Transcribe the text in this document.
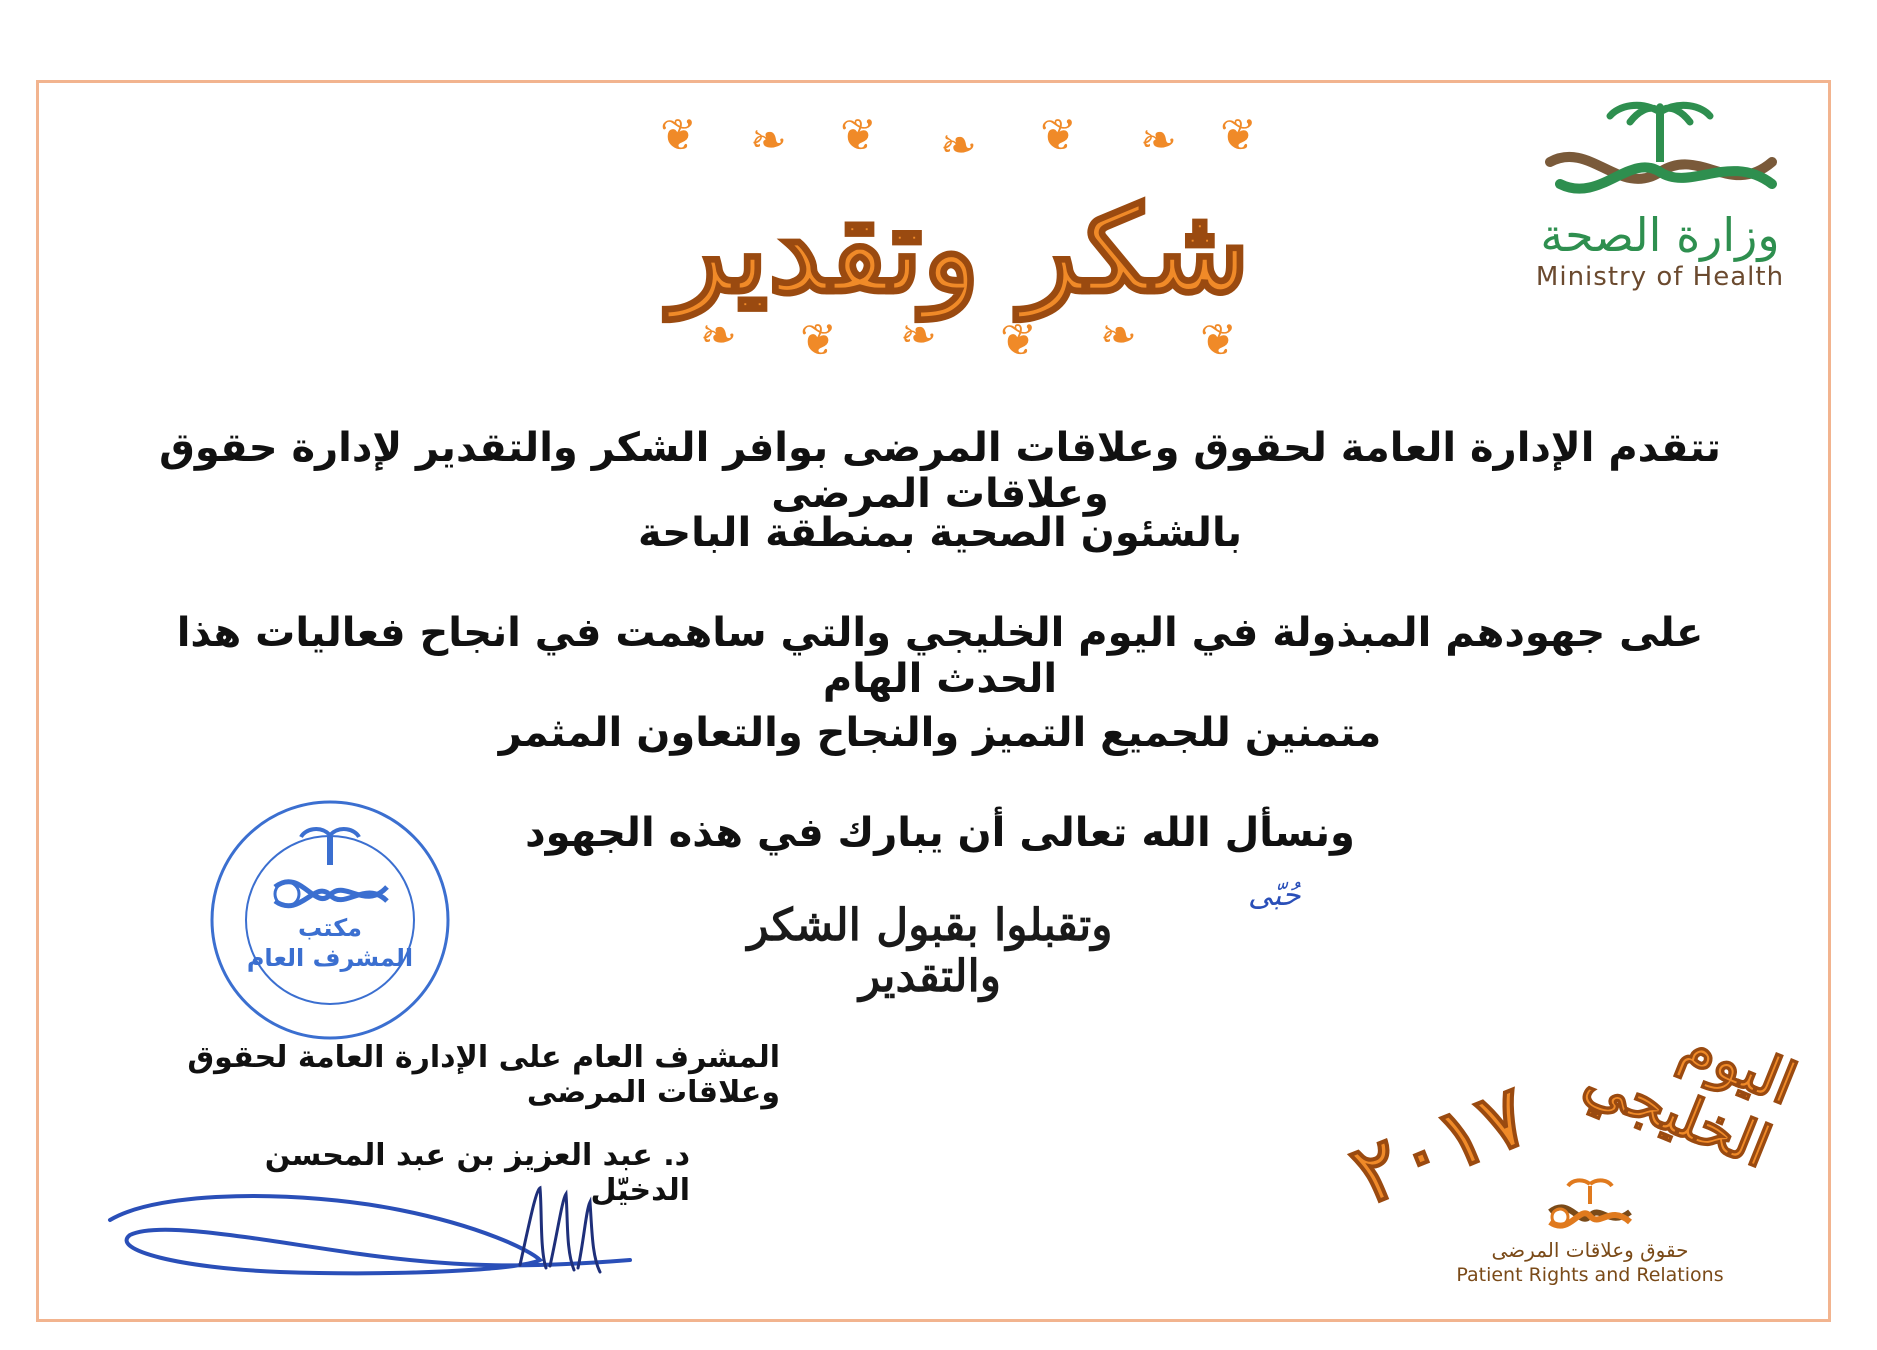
وزارة الصحة
Ministry of Health
❦ ❧ ❦ ❧ ❦ ❧ ❦
شكر وتقدير
❧ ❦ ❧ ❦ ❧ ❦
تتقدم الإدارة العامة لحقوق وعلاقات المرضى بوافر الشكر والتقدير لإدارة حقوق وعلاقات المرضى
بالشئون الصحية بمنطقة الباحة
على جهودهم المبذولة في اليوم الخليجي والتي ساهمت في انجاح فعاليات هذا الحدث الهام
متمنين للجميع التميز والنجاح والتعاون المثمر
ونسأل الله تعالى أن يبارك في هذه الجهود
وتقبلوا بقبول الشكر والتقدير
ﺣُﺒّﻰ
مكتب
المشرف العام
المشرف العام على الإدارة العامة لحقوق وعلاقات المرضى
د. عبد العزيز بن عبد المحسن الدخيّل
اليوم الخليجي
٢٠١٧
حقوق وعلاقات المرضى
Patient Rights and Relations
